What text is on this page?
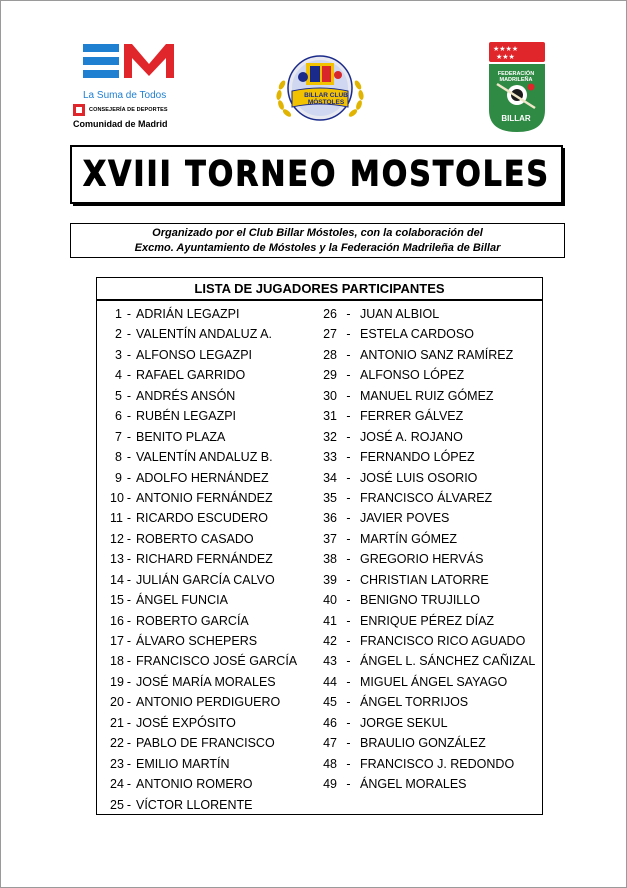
La Suma de Todos
CONSEJERÍA DE DEPORTES
Comunidad de Madrid
BILLAR CLUB
MÓSTOLES
★★★★
★★★
FEDERACIÓN
MADRILEÑA
BILLAR
XVIII TORNEO MOSTOLES
Organizado por el Club Billar Móstoles, con la colaboración del
Excmo. Ayuntamiento de Móstoles y la Federación Madrileña de Billar
LISTA DE JUGADORES PARTICIPANTES
1 - ADRIÁN LEGAZPI
2 - VALENTÍN ANDALUZ A.
3 - ALFONSO LEGAZPI
4 - RAFAEL GARRIDO
5 - ANDRÉS ANSÓN
6 - RUBÉN LEGAZPI
7 - BENITO PLAZA
8 - VALENTÍN ANDALUZ B.
9 - ADOLFO HERNÁNDEZ
10 - ANTONIO FERNÁNDEZ
11 - RICARDO ESCUDERO
12 - ROBERTO CASADO
13 - RICHARD FERNÁNDEZ
14 - JULIÁN GARCÍA CALVO
15 - ÁNGEL FUNCIA
16 - ROBERTO GARCÍA
17 - ÁLVARO SCHEPERS
18 - FRANCISCO JOSÉ GARCÍA
19 - JOSÉ MARÍA MORALES
20 - ANTONIO PERDIGUERO
21 - JOSÉ EXPÓSITO
22 - PABLO DE FRANCISCO
23 - EMILIO MARTÍN
24 - ANTONIO ROMERO
25 - VÍCTOR LLORENTE
26 - JUAN ALBIOL
27 - ESTELA CARDOSO
28 - ANTONIO SANZ RAMÍREZ
29 - ALFONSO LÓPEZ
30 - MANUEL RUIZ GÓMEZ
31 - FERRER GÁLVEZ
32 - JOSÉ A. ROJANO
33 - FERNANDO LÓPEZ
34 - JOSÉ LUIS OSORIO
35 - FRANCISCO ÁLVAREZ
36 - JAVIER POVES
37 - MARTÍN GÓMEZ
38 - GREGORIO HERVÁS
39 - CHRISTIAN LATORRE
40 - BENIGNO TRUJILLO
41 - ENRIQUE PÉREZ DÍAZ
42 - FRANCISCO RICO AGUADO
43 - ÁNGEL L. SÁNCHEZ CAÑIZAL
44 - MIGUEL ÁNGEL SAYAGO
45 - ÁNGEL TORRIJOS
46 - JORGE SEKUL
47 - BRAULIO GONZÁLEZ
48 - FRANCISCO J. REDONDO
49 - ÁNGEL MORALES
